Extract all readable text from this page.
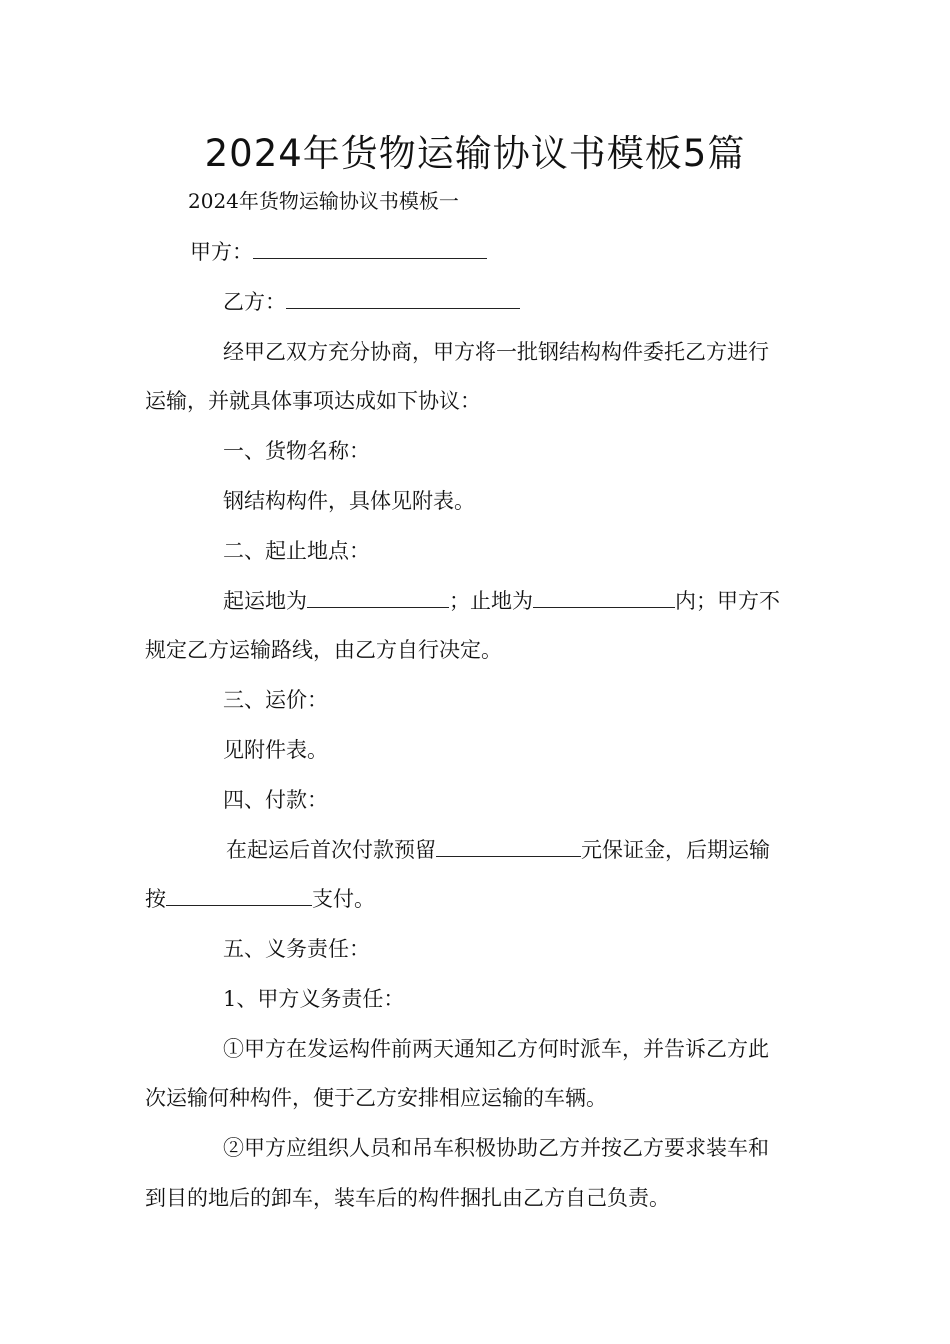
2024年货物运输协议书模板5篇
2024年货物运输协议书模板一
甲方：
乙方：
经甲乙双方充分协商，甲方将一批钢结构构件委托乙方进行
运输，并就具体事项达成如下协议：
一、货物名称：
钢结构构件，具体见附表。
二、起止地点：
起运地为	；止地为	内；甲方不
规定乙方运输路线，由乙方自行决定。
三、运价：
见附件表。
四、付款：
在起运后首次付款预留	元保证金，后期运输
按	支付。
五、义务责任：
1、甲方义务责任：
①甲方在发运构件前两天通知乙方何时派车，并告诉乙方此
次运输何种构件，便于乙方安排相应运输的车辆。
②甲方应组织人员和吊车积极协助乙方并按乙方要求装车和
到目的地后的卸车，装车后的构件捆扎由乙方自己负责。
